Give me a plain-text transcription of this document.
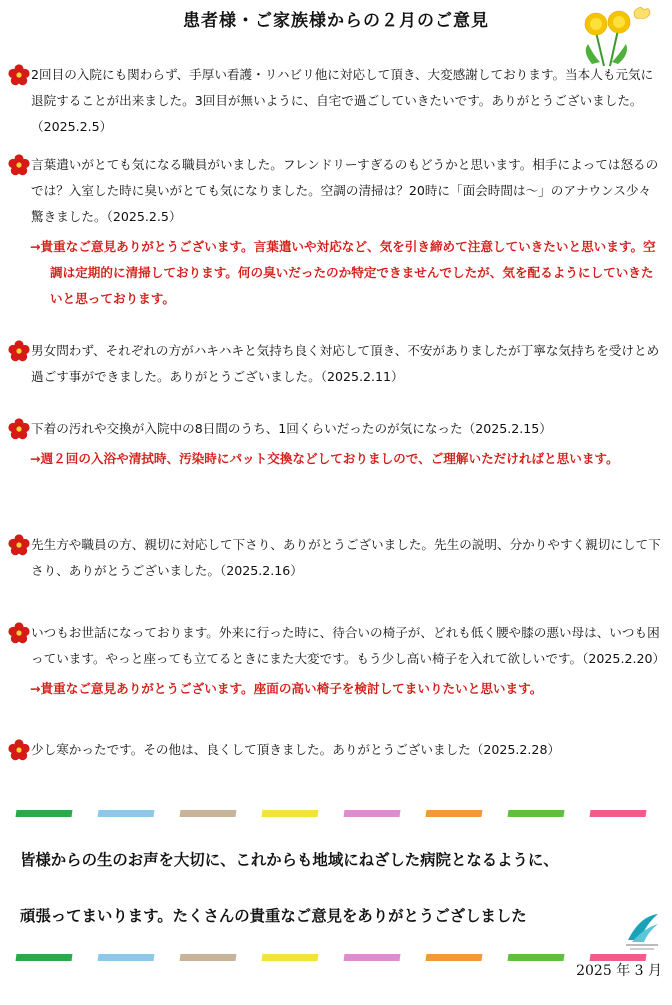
患者様・ご家族様からの２月のご意見
2回目の入院にも関わらず、手厚い看護・リハビリ他に対応して頂き、大変感謝しております。当本人も元気に退院することが出来ました。3回目が無いように、自宅で過ごしていきたいです。ありがとうございました。（2025.2.5）
言葉遣いがとても気になる職員がいました。フレンドリーすぎるのもどうかと思います。相手によっては怒るのでは？入室した時に臭いがとても気になりました。空調の清掃は？20時に「面会時間は～」のアナウンス少々驚きました。（2025.2.5）
→貴重なご意見ありがとうございます。言葉遣いや対応など、気を引き締めて注意していきたいと思います。空調は定期的に清掃しております。何の臭いだったのか特定できませんでしたが、気を配るようにしていきたいと思っております。
男女問わず、それぞれの方がハキハキと気持ち良く対応して頂き、不安がありましたが丁寧な気持ちを受けとめ過ごす事ができました。ありがとうございました。（2025.2.11）
下着の汚れや交換が入院中の8日間のうち、1回くらいだったのが気になった（2025.2.15）
→週２回の入浴や清拭時、汚染時にパット交換などしておりましので、ご理解いただければと思います。
先生方や職員の方、親切に対応して下さり、ありがとうございました。先生の説明、分かりやすく親切にして下さり、ありがとうございました。（2025.2.16）
いつもお世話になっております。外来に行った時に、待合いの椅子が、どれも低く腰や膝の悪い母は、いつも困っています。やっと座っても立てるときにまた大変です。もう少し高い椅子を入れて欲しいです。（2025.2.20）
→貴重なご意見ありがとうございます。座面の高い椅子を検討してまいりたいと思います。
少し寒かったです。その他は、良くして頂きました。ありがとうございました（2025.2.28）
皆様からの生のお声を大切に、これからも地域にねざした病院となるように、
頑張ってまいります。たくさんの貴重なご意見をありがとうござしました
2025 年 3 月
